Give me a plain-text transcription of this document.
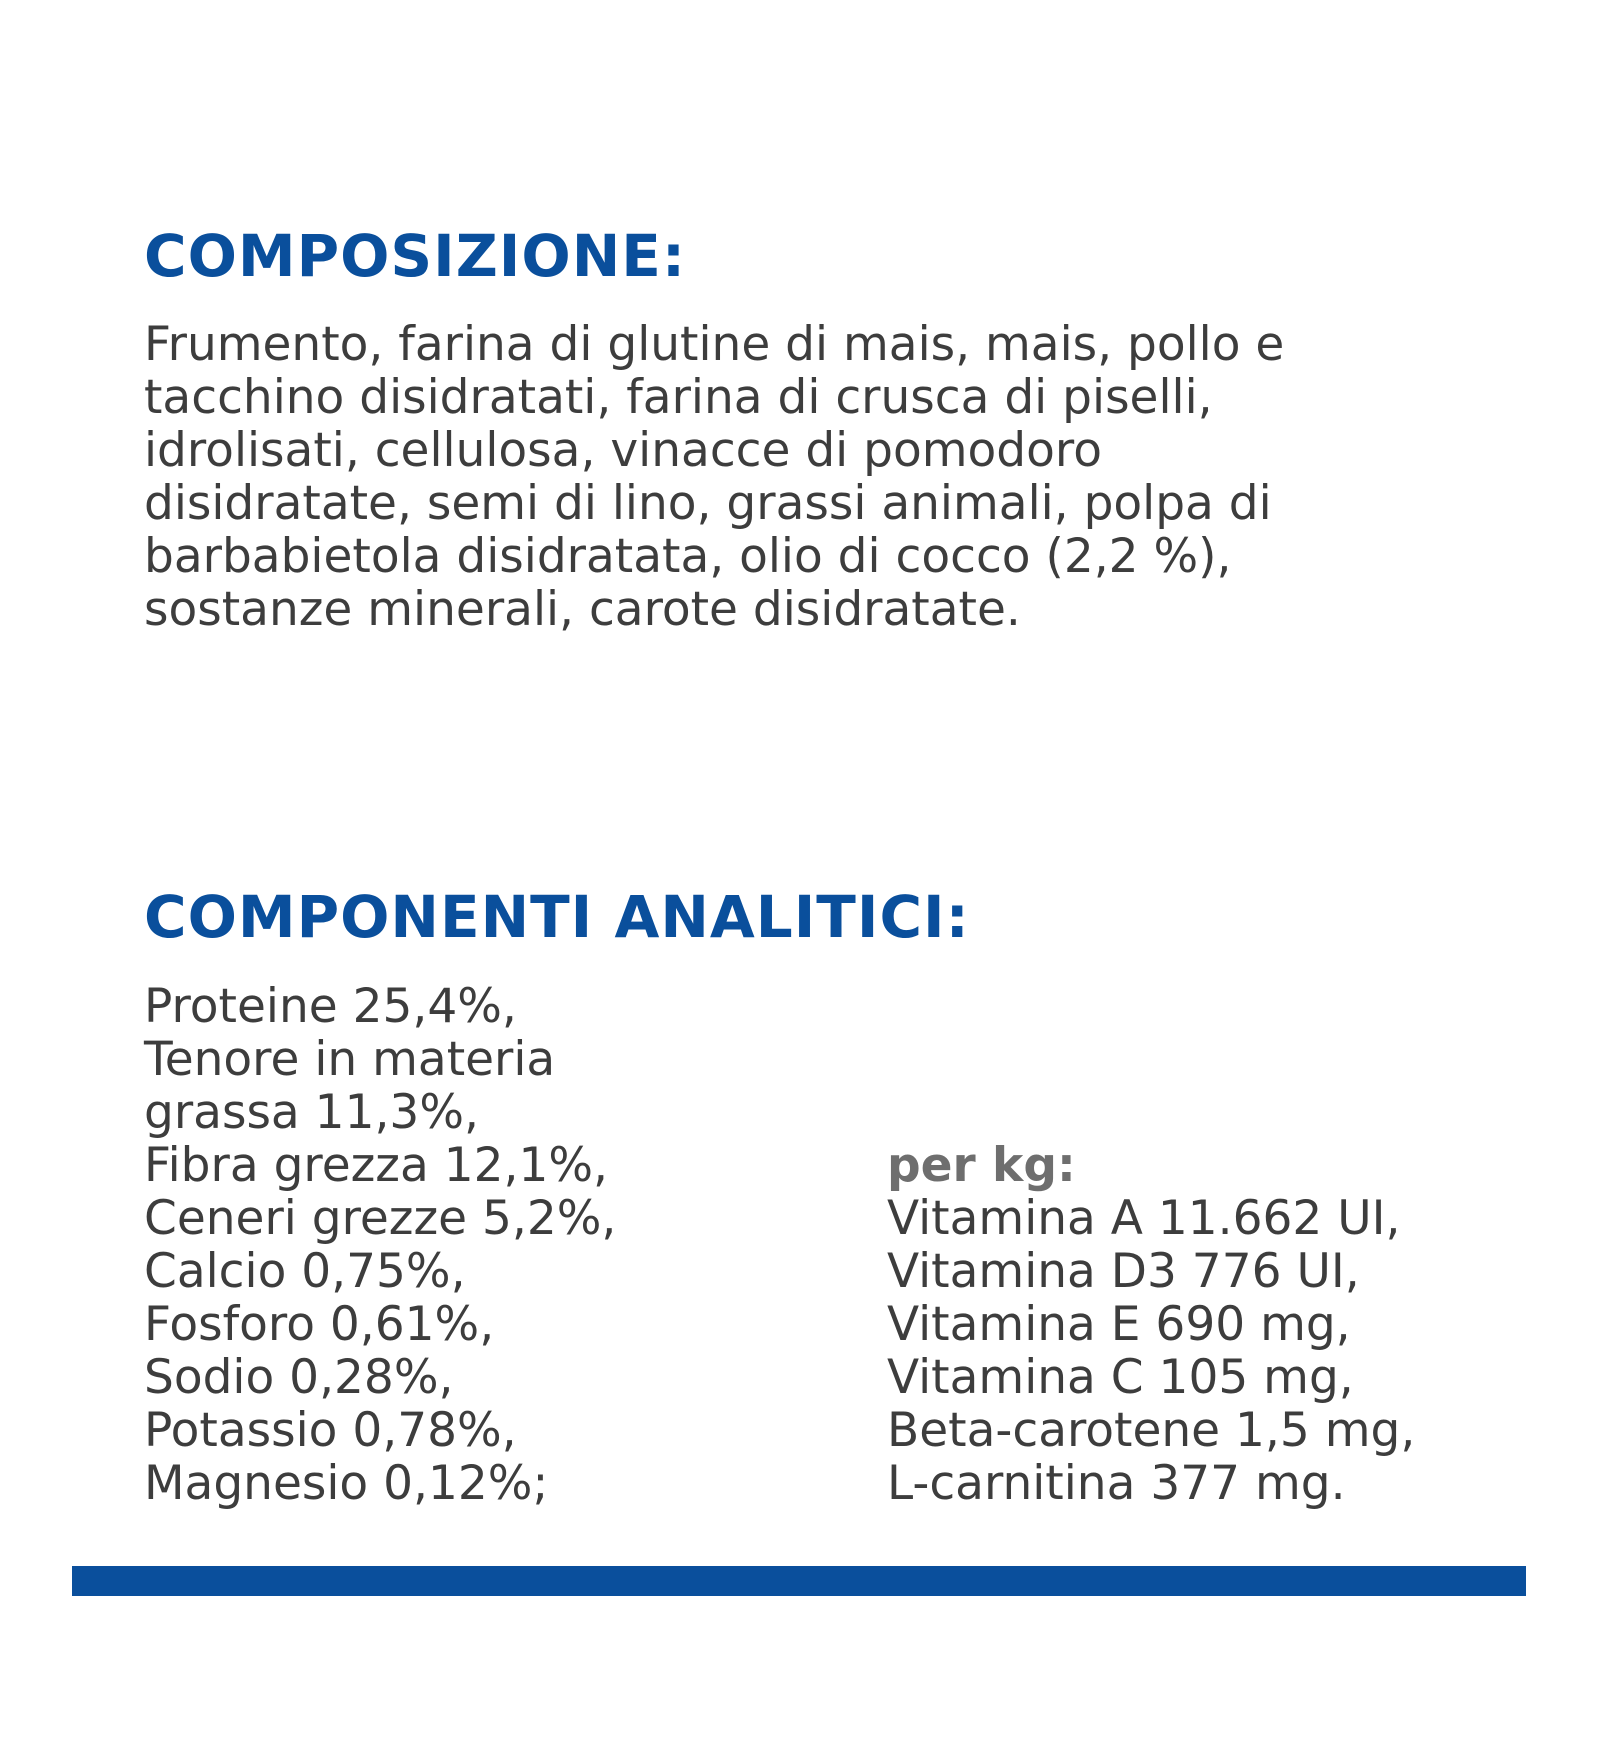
COMPOSIZIONE:
Frumento, farina di glutine di mais, mais, pollo e
tacchino disidratati, farina di crusca di piselli,
idrolisati, cellulosa, vinacce di pomodoro
disidratate, semi di lino, grassi animali, polpa di
barbabietola disidratata, olio di cocco (2,2 %),
sostanze minerali, carote disidratate.
COMPONENTI ANALITICI:
Proteine 25,4%,
Tenore in materia
grassa 11,3%,
Fibra grezza 12,1%,
Ceneri grezze 5,2%,
Calcio 0,75%,
Fosforo 0,61%,
Sodio 0,28%,
Potassio 0,78%,
Magnesio 0,12%;
per kg:
Vitamina A 11.662 UI,
Vitamina D3 776 UI,
Vitamina E 690 mg,
Vitamina C 105 mg,
Beta-carotene 1,5 mg,
L-carnitina 377 mg.
